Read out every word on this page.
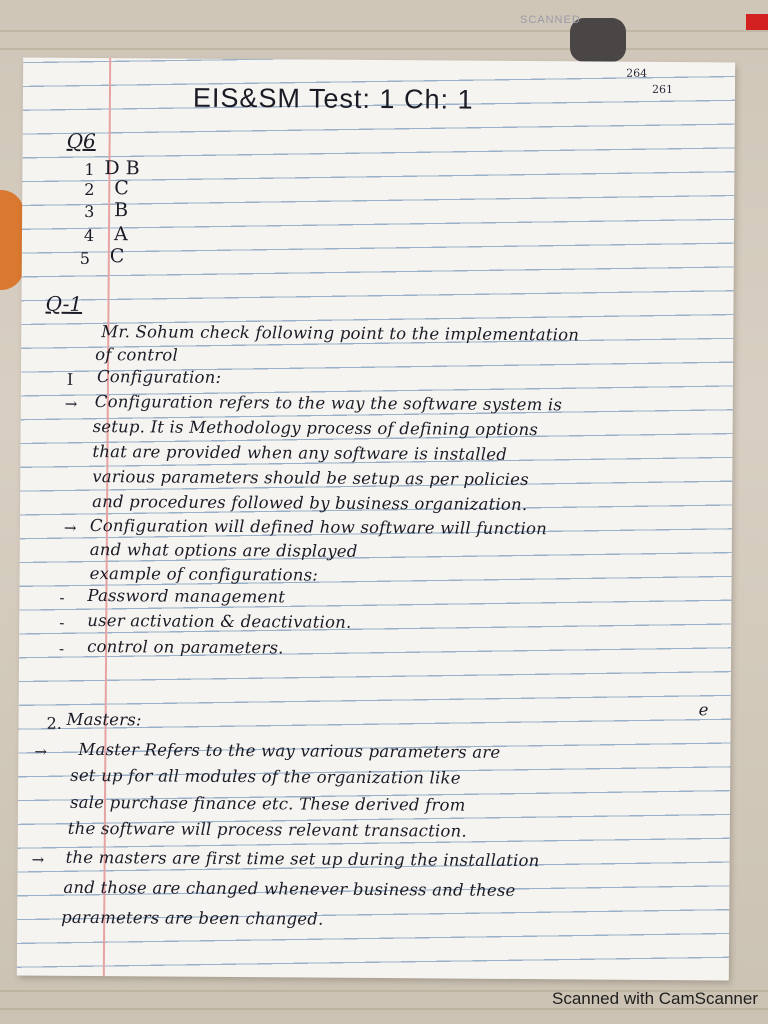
SCANNED
EIS&SM Test: 1 Ch: 1
264
261
Q6
1 D B
2 C
3 B
4 A
5 C
Q-1
Mr. Sohum check following point to the implementation
of control
I Configuration:
→ Configuration refers to the way the software system is
setup. It is Methodology process of defining options
that are provided when any software is installed
various parameters should be setup as per policies
and procedures followed by business organization.
→ Configuration will defined how software will function
and what options are displayed
example of configurations:
- Password management
- user activation & deactivation.
- control on parameters.
2. Masters:
e
→ Master Refers to the way various parameters are
set up for all modules of the organization like
sale purchase finance etc. These derived from
the software will process relevant transaction.
→ the masters are first time set up during the installation
and those are changed whenever business and these
parameters are been changed.
Scanned with CamScanner
